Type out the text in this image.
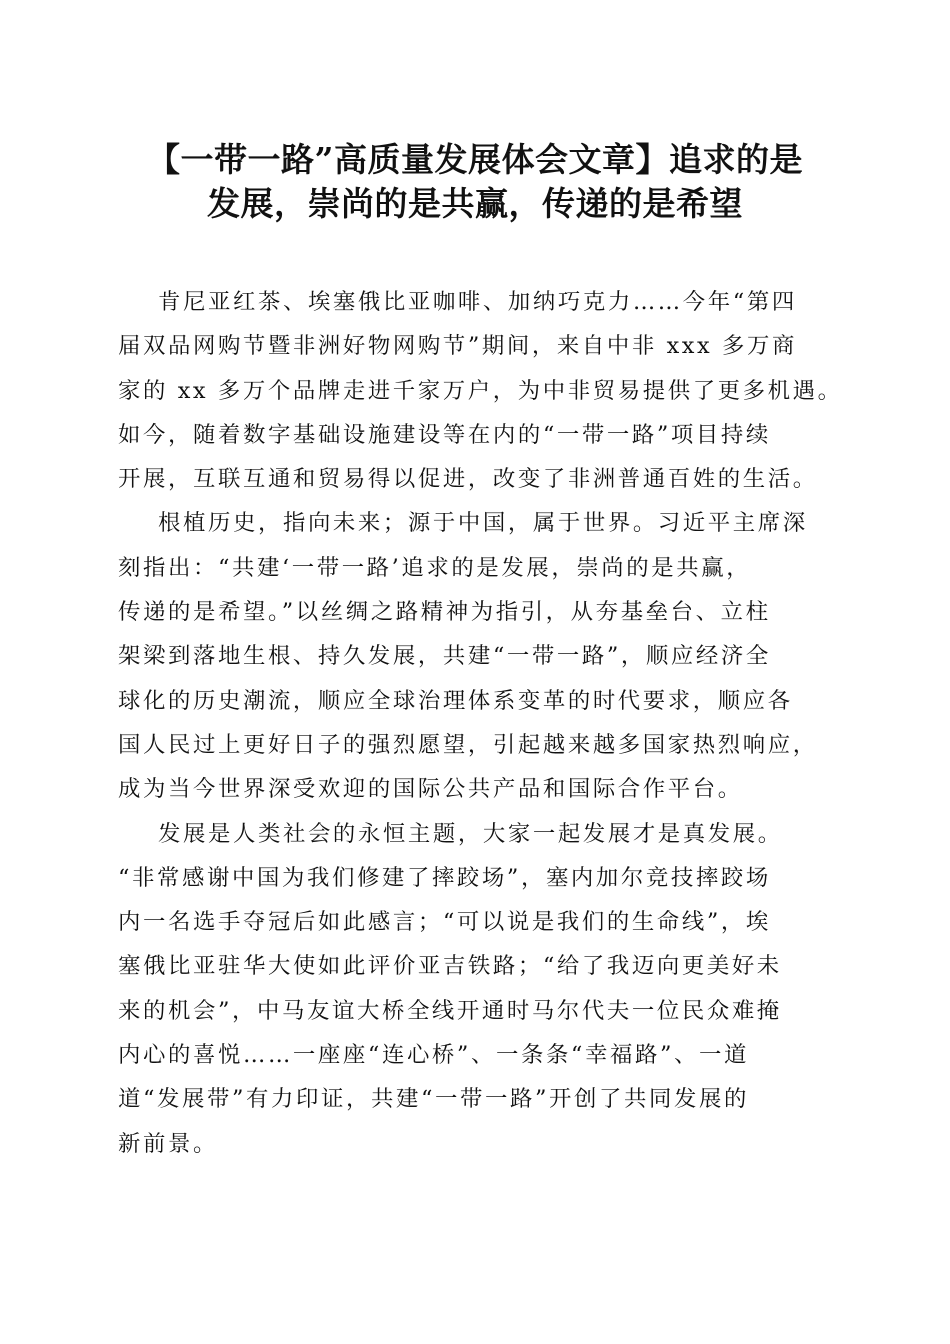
【一带一路”高质量发展体会文章】追求的是
发展，崇尚的是共赢，传递的是希望
肯尼亚红茶、埃塞俄比亚咖啡、加纳巧克力……今年“第四
届双品网购节暨非洲好物网购节”期间，来自中非 xxx 多万商
家的 xx 多万个品牌走进千家万户，为中非贸易提供了更多机遇。
如今，随着数字基础设施建设等在内的“一带一路”项目持续
开展，互联互通和贸易得以促进，改变了非洲普通百姓的生活。
根植历史，指向未来；源于中国，属于世界。习近平主席深
刻指出：“共建‘一带一路’追求的是发展，崇尚的是共赢，
传递的是希望。”以丝绸之路精神为指引，从夯基垒台、立柱
架梁到落地生根、持久发展，共建“一带一路”，顺应经济全
球化的历史潮流，顺应全球治理体系变革的时代要求，顺应各
国人民过上更好日子的强烈愿望，引起越来越多国家热烈响应，
成为当今世界深受欢迎的国际公共产品和国际合作平台。
发展是人类社会的永恒主题，大家一起发展才是真发展。
“非常感谢中国为我们修建了摔跤场”，塞内加尔竞技摔跤场
内一名选手夺冠后如此感言；“可以说是我们的生命线”，埃
塞俄比亚驻华大使如此评价亚吉铁路；“给了我迈向更美好未
来的机会”，中马友谊大桥全线开通时马尔代夫一位民众难掩
内心的喜悦……一座座“连心桥”、一条条“幸福路”、一道
道“发展带”有力印证，共建“一带一路”开创了共同发展的
新前景。
